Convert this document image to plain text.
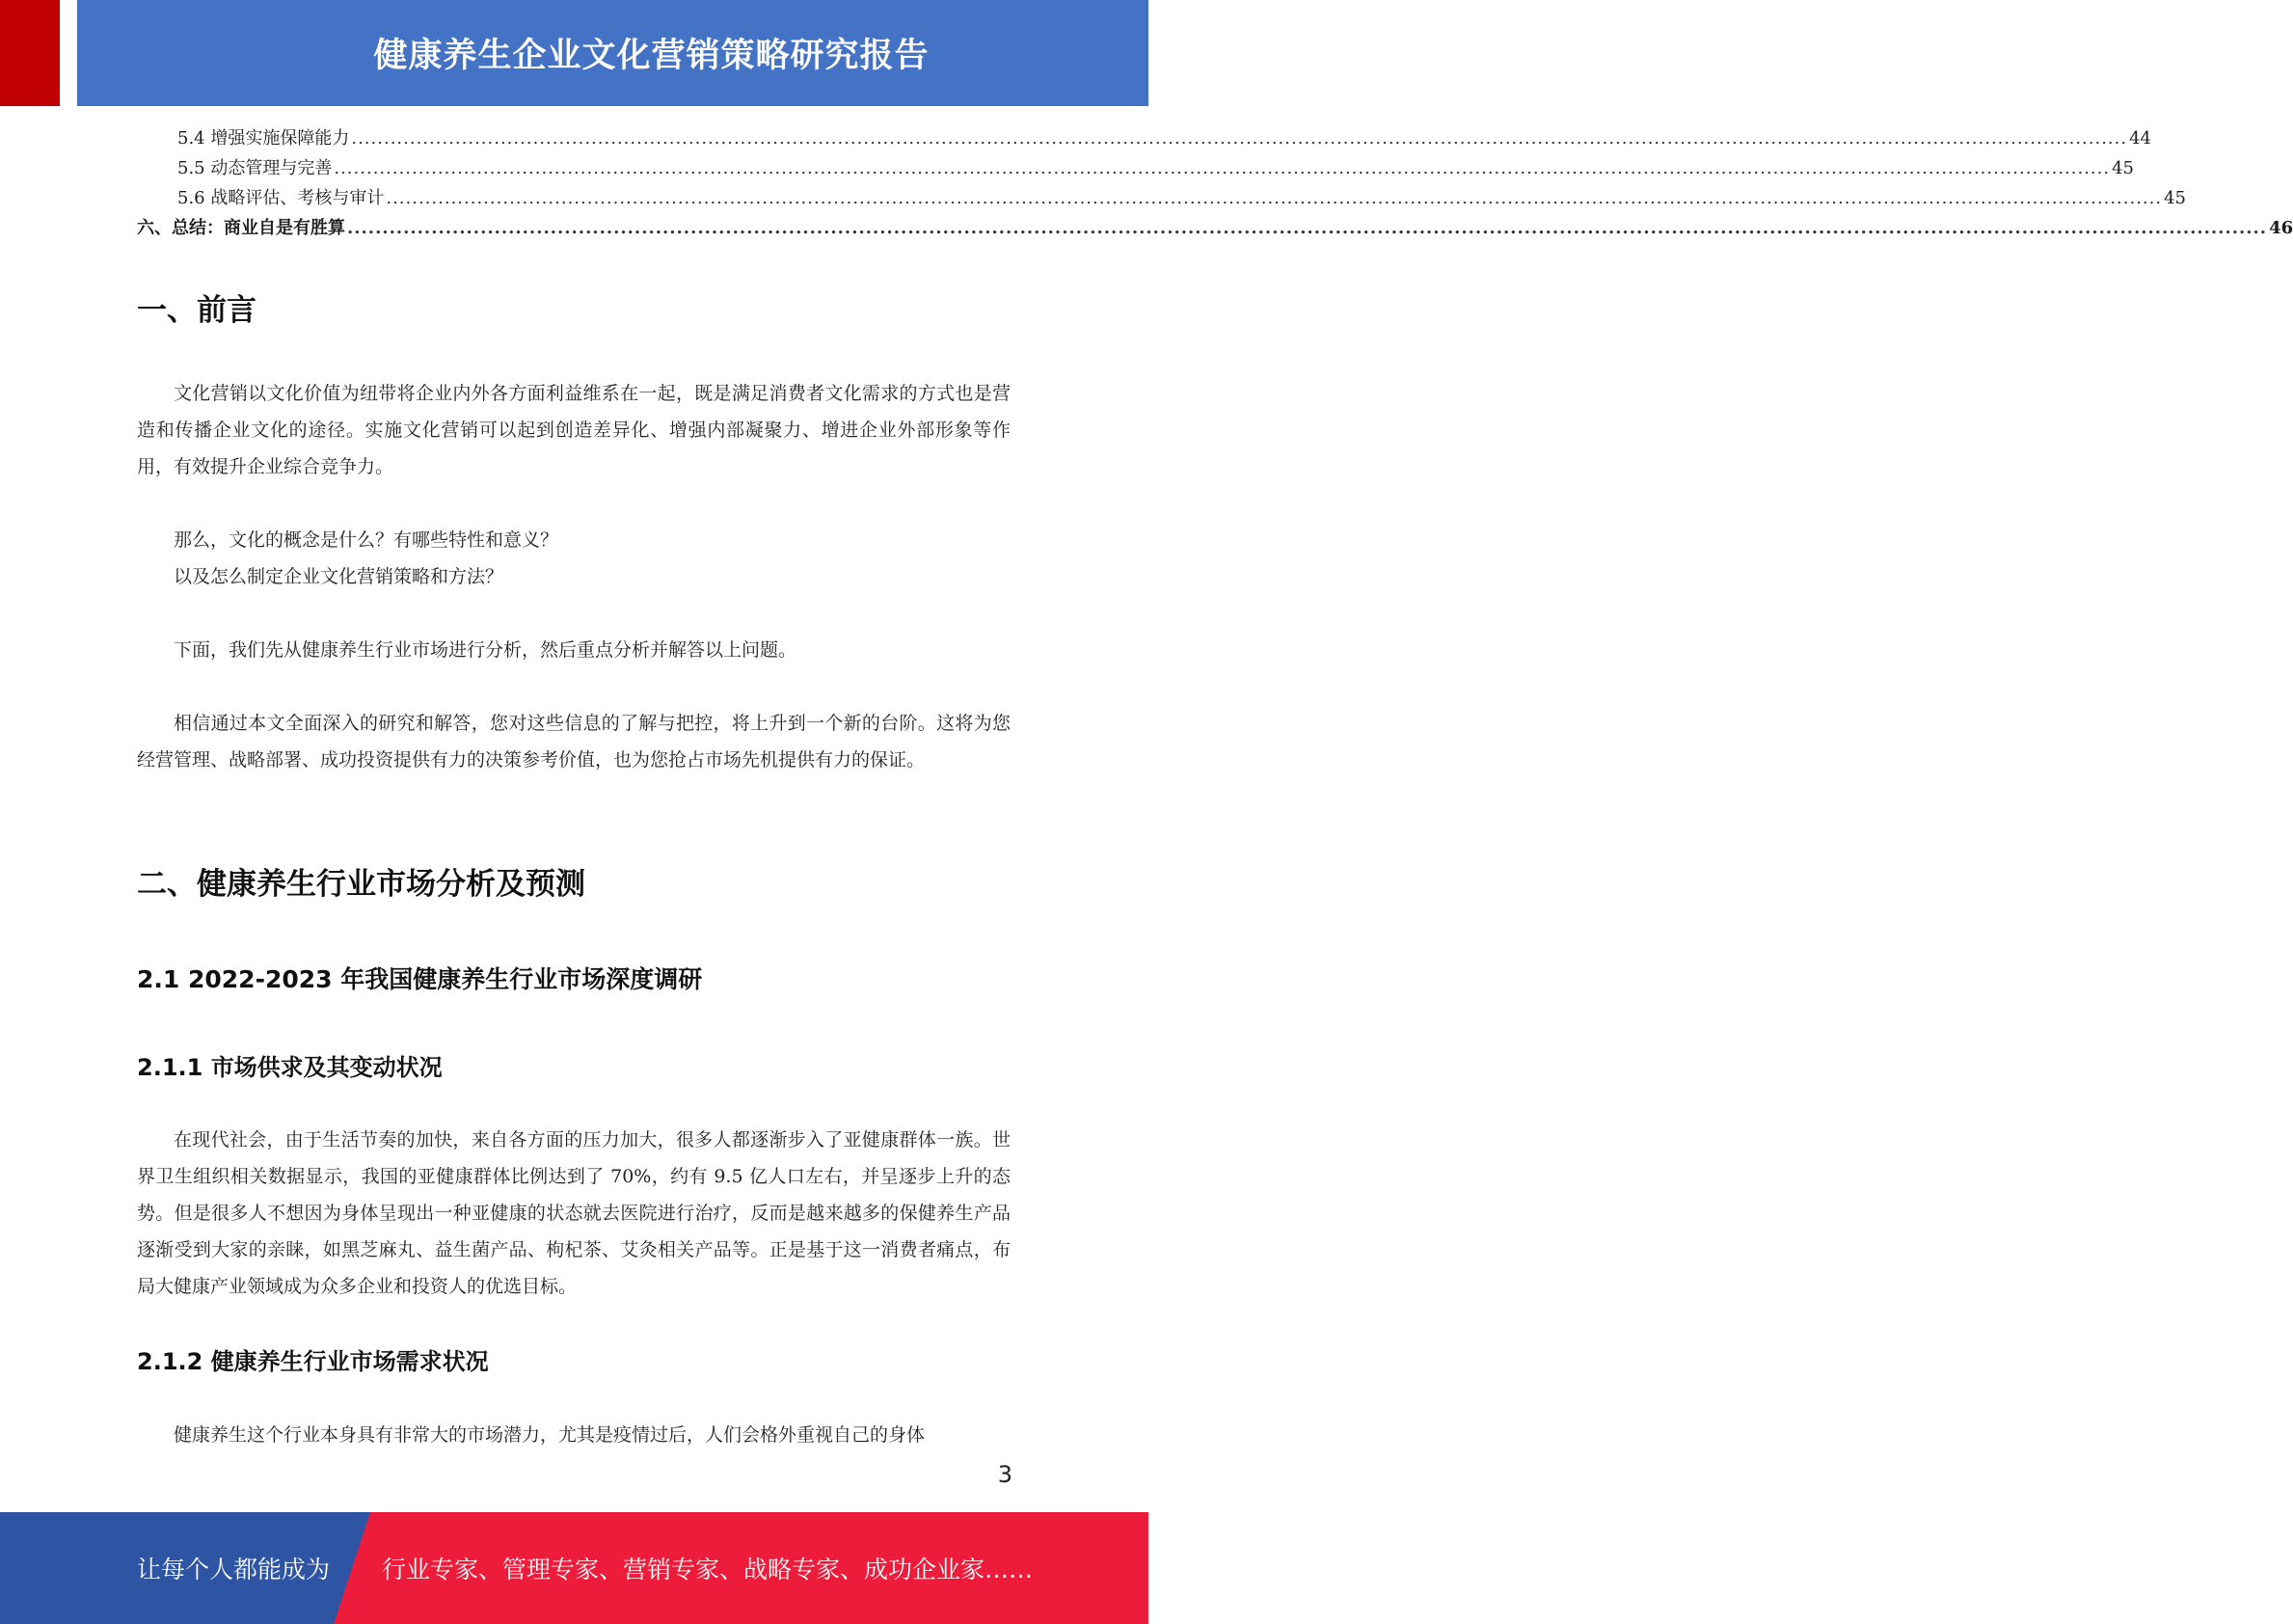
健康养生企业文化营销策略研究报告
5.4 增强实施保障能力 .................................................................................................................................................................................................................................................................................. 44
5.5 动态管理与完善 .................................................................................................................................................................................................................................................................................. 45
5.6 战略评估、考核与审计 .................................................................................................................................................................................................................................................................................. 45
六、总结：商业自是有胜算 .................................................................................................................................................................................................................................................................................. 46
一、前言

文化营销以文化价值为纽带将企业内外各方面利益维系在一起，既是满足消费者文化需求的方式也是营造和传播企业文化的途径。实施文化营销可以起到创造差异化、增强内部凝聚力、增进企业外部形象等作用，有效提升企业综合竞争力。

那么，文化的概念是什么？有哪些特性和意义？

以及怎么制定企业文化营销策略和方法？

下面，我们先从健康养生行业市场进行分析，然后重点分析并解答以上问题。

相信通过本文全面深入的研究和解答，您对这些信息的了解与把控，将上升到一个新的台阶。这将为您经营管理、战略部署、成功投资提供有力的决策参考价值，也为您抢占市场先机提供有力的保证。

二、健康养生行业市场分析及预测
2.1 2022-2023 年我国健康养生行业市场深度调研
2.1.1 市场供求及其变动状况

在现代社会，由于生活节奏的加快，来自各方面的压力加大，很多人都逐渐步入了亚健康群体一族。世界卫生组织相关数据显示，我国的亚健康群体比例达到了 70%，约有 9.5 亿人口左右，并呈逐步上升的态势。但是很多人不想因为身体呈现出一种亚健康的状态就去医院进行治疗，反而是越来越多的保健养生产品逐渐受到大家的亲睐，如黑芝麻丸、益生菌产品、枸杞茶、艾灸相关产品等。正是基于这一消费者痛点，布局大健康产业领域成为众多企业和投资人的优选目标。

2.1.2 健康养生行业市场需求状况

健康养生这个行业本身具有非常大的市场潜力，尤其是疫情过后，人们会格外重视自己的身体

3
让每个人都能成为 行业专家、管理专家、营销专家、战略专家、成功企业家……
